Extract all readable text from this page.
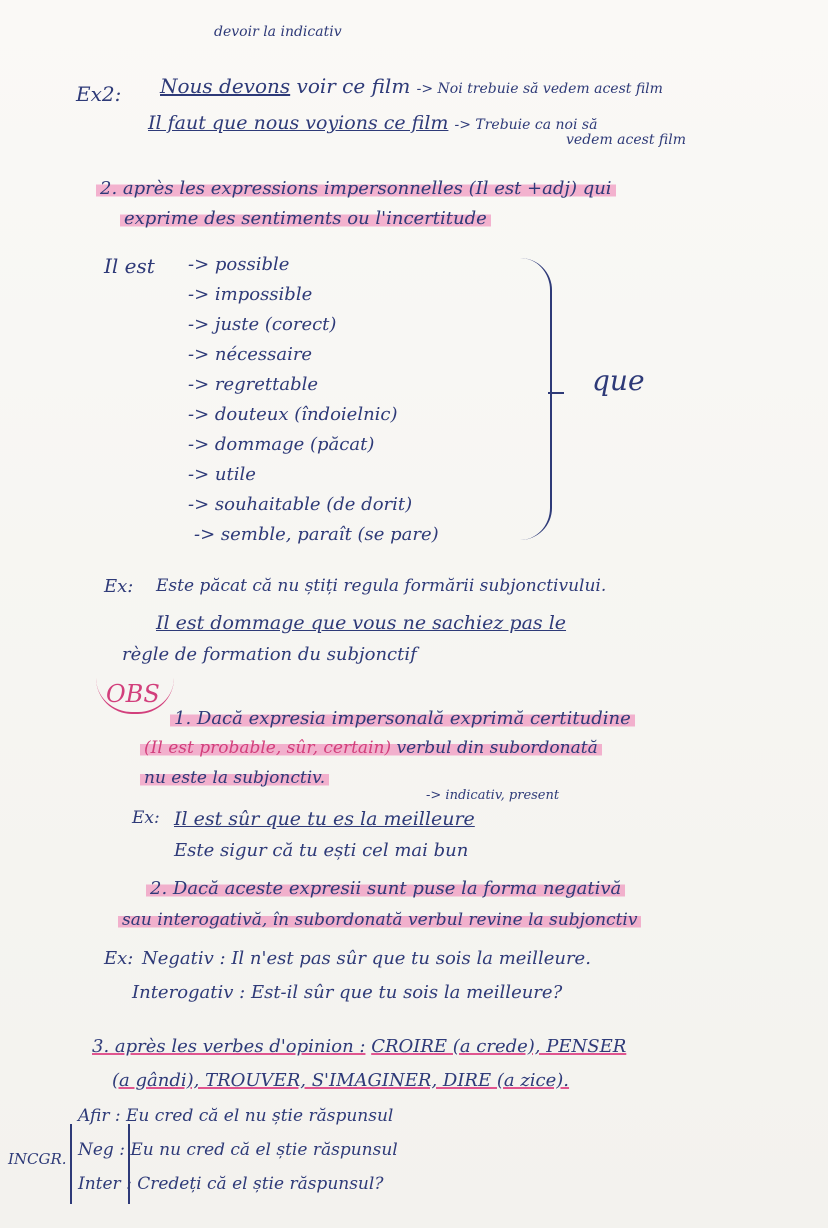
devoir la indicativ
Ex2: Nous devons voir ce film -> Noi trebuie să vedem acest film
Il faut que nous voyions ce film -> Trebuie ca noi să
vedem acest film
2. après les expressions impersonnelles (Il est +adj) qui
exprime des sentiments ou l'incertitude
Il est -> possible
-> impossible
-> juste (corect)
-> nécessaire
-> regrettable
-> douteux (îndoielnic)
-> dommage (păcat)
-> utile
-> souhaitable (de dorit)
-> semble, paraît (se pare)
que
Ex: Este păcat că nu știți regula formării subjonctivului.
Il est dommage que vous ne sachiez pas le
règle de formation du subjonctif
OBS
1. Dacă expresia impersonală exprimă certitudine
(Il est probable, sûr, certain) verbul din subordonată
nu este la subjonctiv.
-> indicativ, present
Ex: Il est sûr que tu es la meilleure
Este sigur că tu ești cel mai bun
2. Dacă aceste expresii sunt puse la forma negativă
sau interogativă, în subordonată verbul revine la subjonctiv
Ex: Negativ : Il n'est pas sûr que tu sois la meilleure.
Interogativ : Est-il sûr que tu sois la meilleure?
3. après les verbes d'opinion : CROIRE (a crede), PENSER
(a gândi), TROUVER, S'IMAGINER, DIRE (a zice).
INCGR.
Afir : Eu cred că el nu știe răspunsul
Neg : Eu nu cred că el știe răspunsul
Inter : Credeți că el știe răspunsul?
